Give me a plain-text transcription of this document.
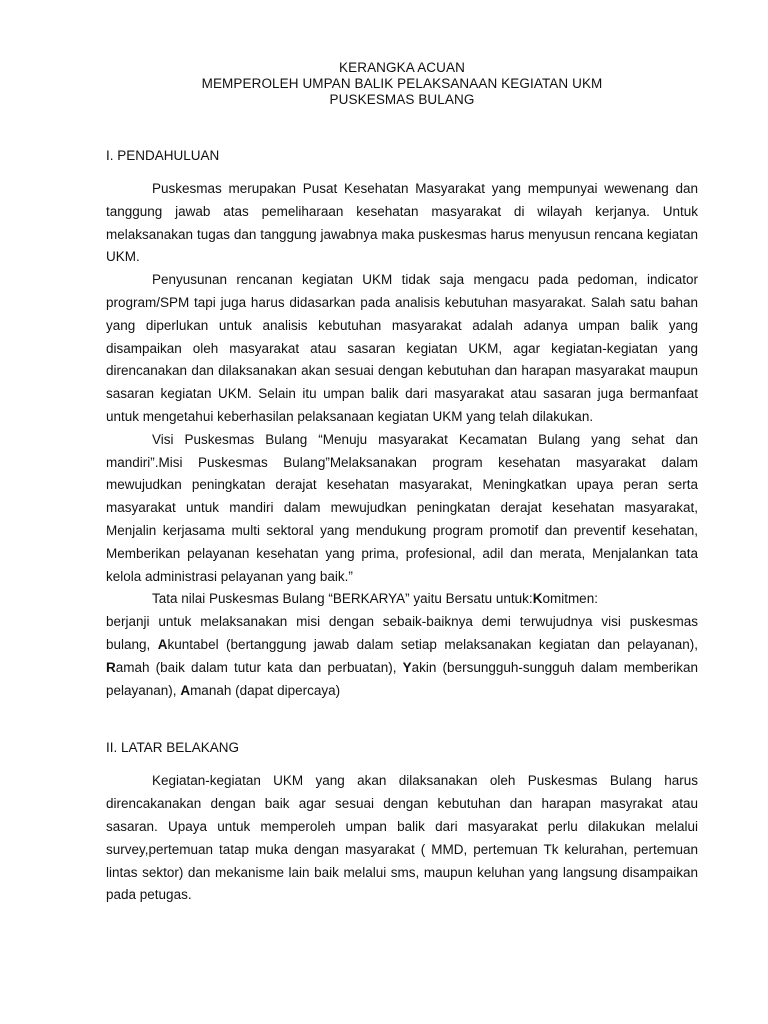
KERANGKA ACUAN
MEMPEROLEH UMPAN BALIK PELAKSANAAN KEGIATAN UKM
PUSKESMAS BULANG
I. PENDAHULUAN

Puskesmas merupakan Pusat Kesehatan Masyarakat yang mempunyai wewenang dan tanggung jawab atas pemeliharaan kesehatan masyarakat di wilayah kerjanya. Untuk melaksanakan tugas dan tanggung jawabnya maka puskesmas harus menyusun rencana kegiatan UKM.

Penyusunan rencanan kegiatan UKM tidak saja mengacu pada pedoman, indicator program/SPM tapi juga harus didasarkan pada analisis kebutuhan masyarakat. Salah satu bahan yang diperlukan untuk analisis kebutuhan masyarakat adalah adanya umpan balik yang disampaikan oleh masyarakat atau sasaran kegiatan UKM, agar kegiatan-kegiatan yang direncanakan dan dilaksanakan akan sesuai dengan kebutuhan dan harapan masyarakat maupun sasaran kegiatan UKM. Selain itu umpan balik dari masyarakat atau sasaran juga bermanfaat untuk mengetahui keberhasilan pelaksanaan kegiatan UKM yang telah dilakukan.

Visi Puskesmas Bulang “Menuju masyarakat Kecamatan Bulang yang sehat dan mandiri”.Misi Puskesmas Bulang”Melaksanakan program kesehatan masyarakat dalam mewujudkan peningkatan derajat kesehatan masyarakat, Meningkatkan upaya peran serta masyarakat untuk mandiri dalam mewujudkan peningkatan derajat kesehatan masyarakat, Menjalin kerjasama multi sektoral yang mendukung program promotif dan preventif kesehatan, Memberikan pelayanan kesehatan yang prima, profesional, adil dan merata, Menjalankan tata kelola administrasi pelayanan yang baik.”

Tata nilai Puskesmas Bulang “BERKARYA” yaitu Bersatu untuk:Komitmen:

berjanji untuk melaksanakan misi dengan sebaik-baiknya demi terwujudnya visi puskesmas bulang, Akuntabel (bertanggung jawab dalam setiap melaksanakan kegiatan dan pelayanan), Ramah (baik dalam tutur kata dan perbuatan), Yakin (bersungguh-sungguh dalam memberikan pelayanan), Amanah (dapat dipercaya)

II. LATAR BELAKANG

Kegiatan-kegiatan UKM yang akan dilaksanakan oleh Puskesmas Bulang harus direncakanakan dengan baik agar sesuai dengan kebutuhan dan harapan masyrakat atau sasaran. Upaya untuk memperoleh umpan balik dari masyarakat perlu dilakukan melalui survey,pertemuan tatap muka dengan masyarakat ( MMD, pertemuan Tk kelurahan, pertemuan lintas sektor) dan mekanisme lain baik melalui sms, maupun keluhan yang langsung disampaikan pada petugas.
